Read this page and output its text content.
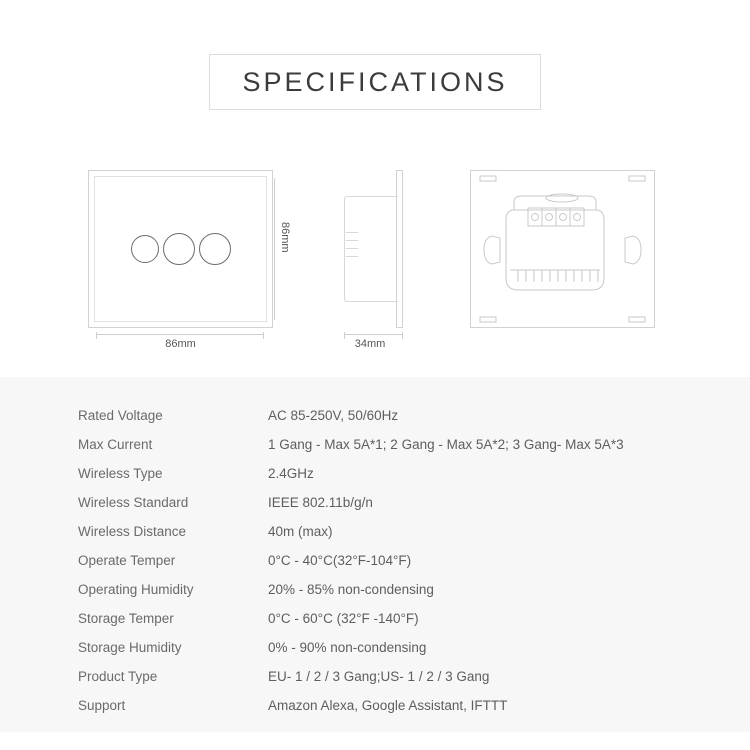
SPECIFICATIONS
86mm
86mm
34mm
Rated Voltage	AC 85-250V, 50/60Hz
Max Current	1 Gang - Max 5A*1; 2 Gang - Max 5A*2; 3 Gang- Max 5A*3
Wireless Type	2.4GHz
Wireless Standard	IEEE 802.11b/g/n
Wireless Distance	40m (max)
Operate Temper	0°C - 40°C(32°F-104°F)
Operating Humidity	20% - 85% non-condensing
Storage Temper	0°C - 60°C (32°F -140°F)
Storage Humidity	0% - 90% non-condensing
Product Type	EU- 1 / 2 / 3 Gang;US- 1 / 2 / 3 Gang
Support	Amazon Alexa, Google Assistant, IFTTT
